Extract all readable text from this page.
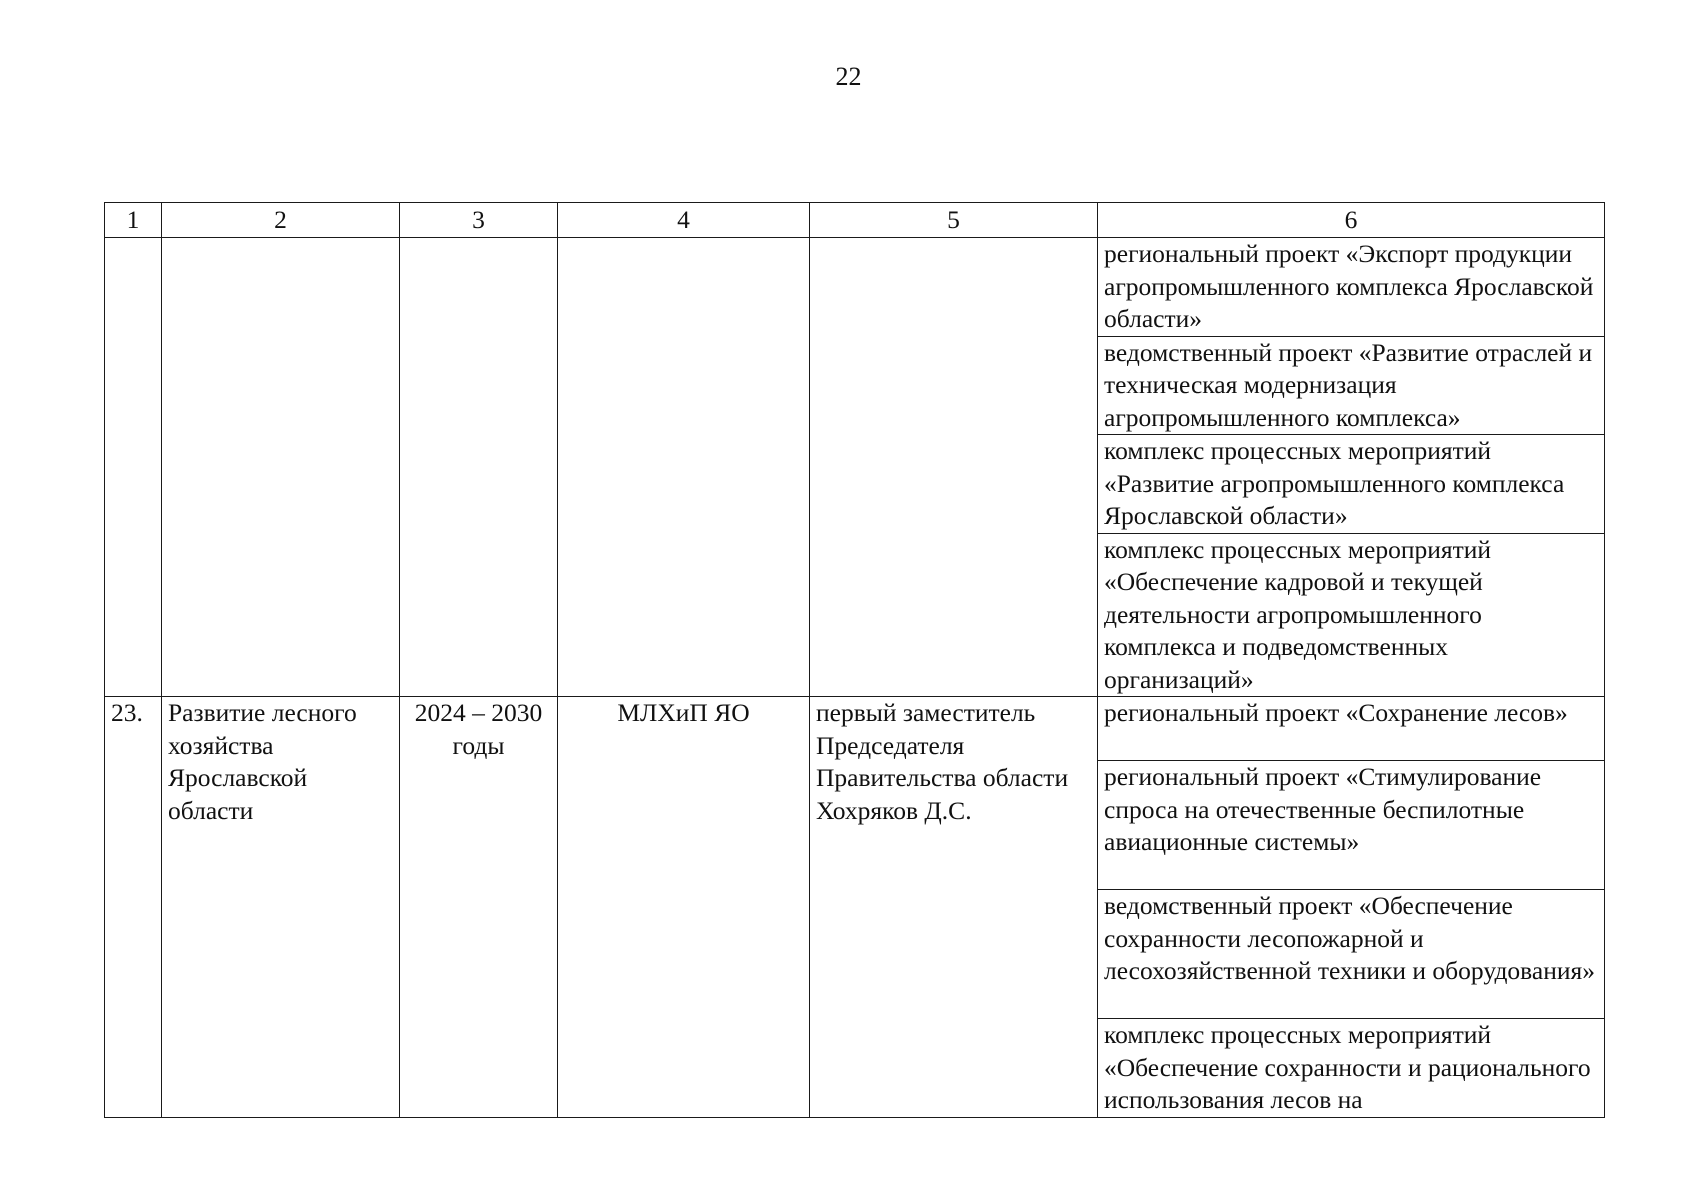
22
1	2	3	4	5	6

					региональный проект «Экспорт продукции агропромышленного комплекса Ярославской области»

					ведомственный проект «Развитие отраслей и техническая модернизация агропромышленного комплекса»

					комплекс процессных мероприятий «Развитие агропромышленного комплекса Ярославской области»

					комплекс процессных мероприятий «Обеспечение кадровой и текущей деятельности агропромышленного комплекса и подведомственных организаций»

23.	Развитие лесного хозяйства Ярославской области	2024 – 2030 годы	МЛХиП ЯО	первый заместитель Председателя Правительства области Хохряков Д.С.	региональный проект «Сохранение лесов»

					региональный проект «Стимулирование спроса на отечественные беспилотные авиационные системы»

					ведомственный проект «Обеспечение сохранности лесопожарной и лесохозяйственной техники и оборудования»

					комплекс процессных мероприятий «Обеспечение сохранности и рационального использования лесов на
